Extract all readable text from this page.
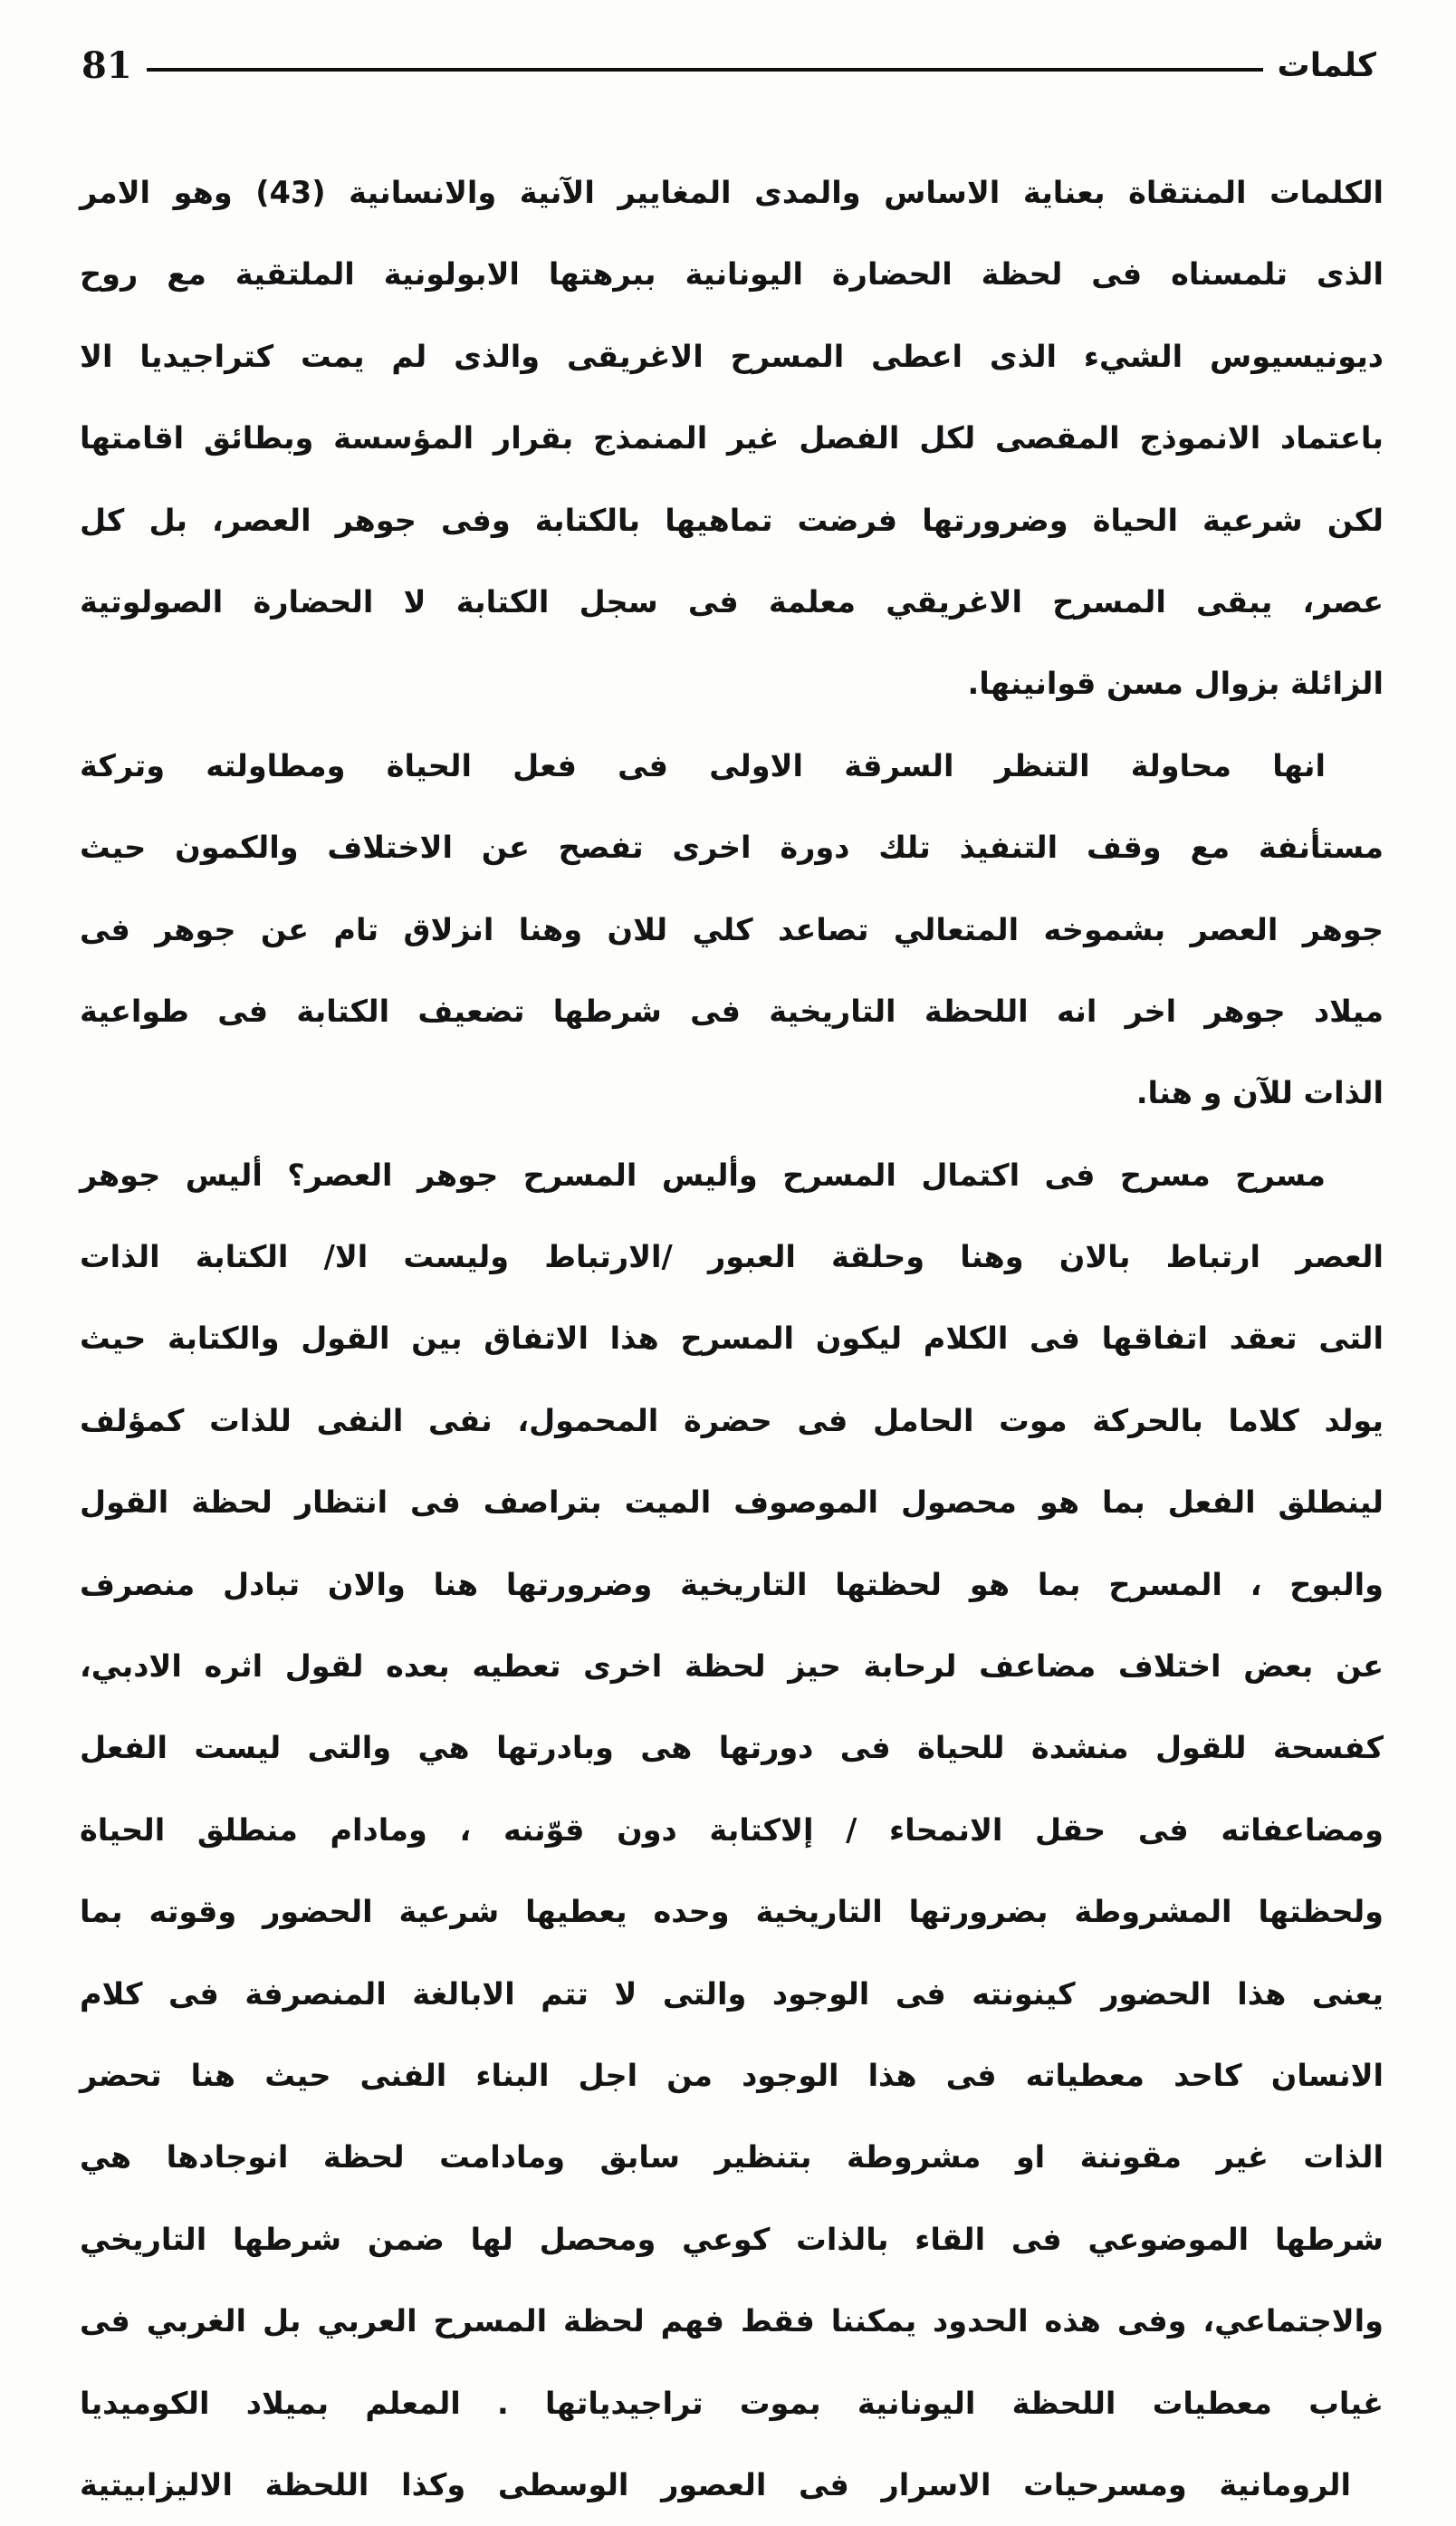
81	كلمات
الكلمات المنتقاة بعناية الاساس والمدى المغايير الآنية والانسانية (43) وهو الامر
الذى تلمسناه فى لحظة الحضارة اليونانية ببرهتها الابولونية الملتقية مع روح
ديونيسيوس الشيء الذى اعطى المسرح الاغريقى والذى لم يمت كتراجيديا الا
باعتماد الانموذج المقصى لكل الفصل غير المنمذج بقرار المؤسسة وبطائق اقامتها
لكن شرعية الحياة وضرورتها فرضت تماهيها بالكتابة وفى جوهر العصر، بل كل
عصر، يبقى المسرح الاغريقي معلمة فى سجل الكتابة لا الحضارة الصولوتية
الزائلة بزوال مسن قوانينها.
انها محاولة التنظر السرقة الاولى فى فعل الحياة ومطاولته وتركة
مستأنفة مع وقف التنفيذ تلك دورة اخرى تفصح عن الاختلاف والكمون حيث
جوهر العصر بشموخه المتعالي تصاعد كلي للان وهنا انزلاق تام عن جوهر فى
ميلاد جوهر اخر انه اللحظة التاريخية فى شرطها تضعيف الكتابة فى طواعية
الذات للآن و هنا.
مسرح مسرح فى اكتمال المسرح وأليس المسرح جوهر العصر؟ أليس جوهر
العصر ارتباط بالان وهنا وحلقة العبور /الارتباط وليست الا/ الكتابة الذات
التى تعقد اتفاقها فى الكلام ليكون المسرح هذا الاتفاق بين القول والكتابة حيث
يولد كلاما بالحركة موت الحامل فى حضرة المحمول، نفى النفى للذات كمؤلف
لينطلق الفعل بما هو محصول الموصوف الميت بتراصف فى انتظار لحظة القول
والبوح ، المسرح بما هو لحظتها التاريخية وضرورتها هنا والان تبادل منصرف
عن بعض اختلاف مضاعف لرحابة حيز لحظة اخرى تعطيه بعده لقول اثره الادبي،
كفسحة للقول منشدة للحياة فى دورتها هى وبادرتها هي والتى ليست الفعل
ومضاعفاته فى حقل الانمحاء / إلاكتابة دون قوّننه ، ومادام منطلق الحياة
ولحظتها المشروطة بضرورتها التاريخية وحده يعطيها شرعية الحضور وقوته بما
يعنى هذا الحضور كينونته فى الوجود والتى لا تتم الابالغة المنصرفة فى كلام
الانسان كاحد معطياته فى هذا الوجود من اجل البناء الفنى حيث هنا تحضر
الذات غير مقوننة او مشروطة بتنظير سابق ومادامت لحظة انوجادها هي
شرطها الموضوعي فى القاء بالذات كوعي ومحصل لها ضمن شرطها التاريخي
والاجتماعي، وفى هذه الحدود يمكننا فقط فهم لحظة المسرح العربي بل الغربي فى
غياب معطيات اللحظة اليونانية بموت تراجيدياتها . المعلم بميلاد الكوميديا
الرومانية ومسرحيات الاسرار فى العصور الوسطى وكذا اللحظة الاليزابيتية
